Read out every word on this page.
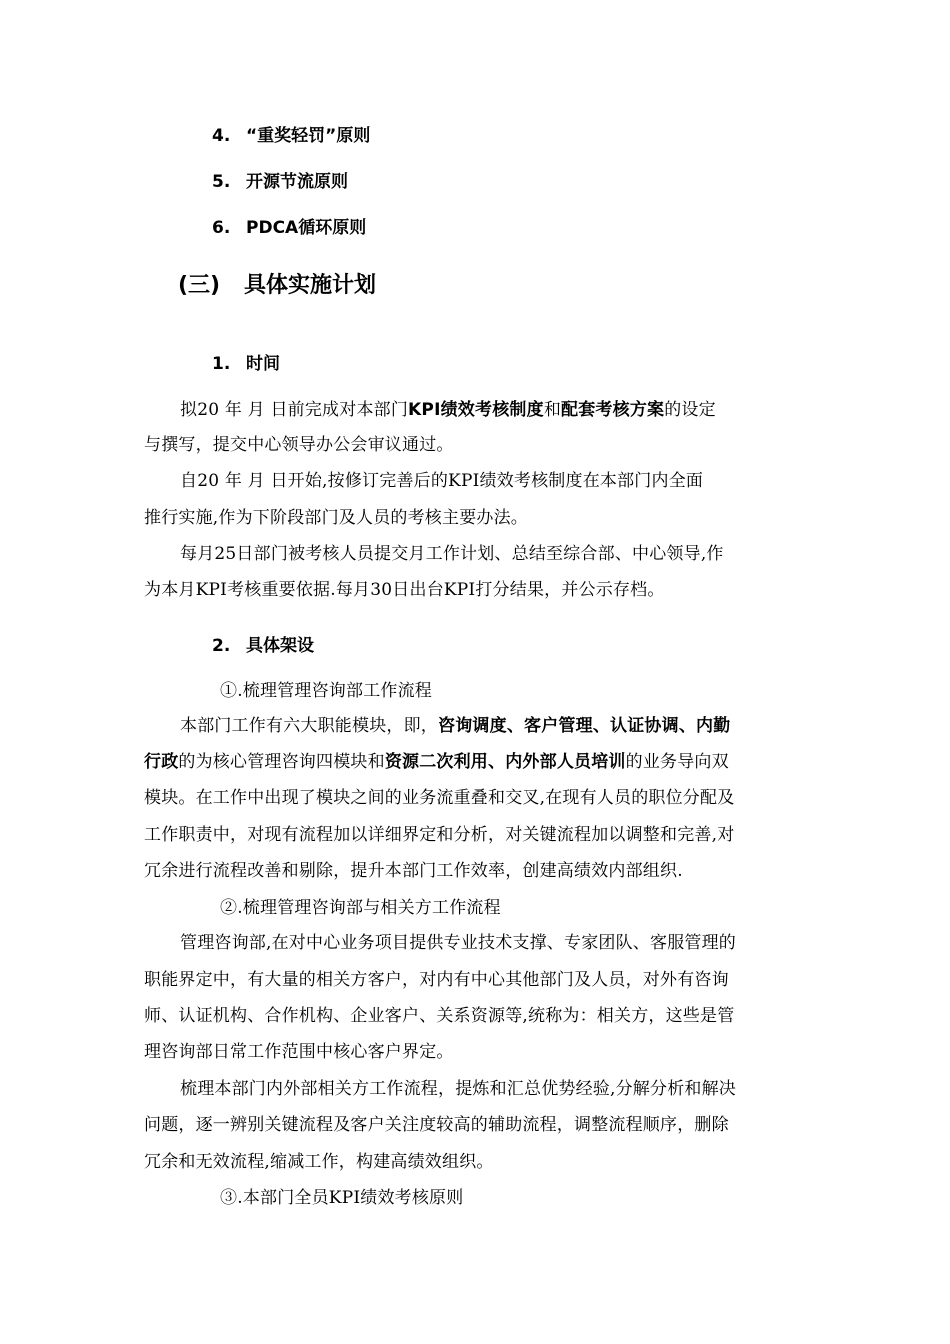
4. “重奖轻罚”原则
5. 开源节流原则
6. PDCA循环原则
(三) 具体实施计划
1. 时间
拟20 年 月 日前完成对本部门KPI绩效考核制度和配套考核方案的设定
与撰写，提交中心领导办公会审议通过。
自20 年 月 日开始,按修订完善后的KPI绩效考核制度在本部门内全面
推行实施,作为下阶段部门及人员的考核主要办法。
每月25日部门被考核人员提交月工作计划、总结至综合部、中心领导,作
为本月KPI考核重要依据.每月30日出台KPI打分结果，并公示存档。
2. 具体架设
①.梳理管理咨询部工作流程
本部门工作有六大职能模块，即，咨询调度、客户管理、认证协调、内勤
行政的为核心管理咨询四模块和资源二次利用、内外部人员培训的业务导向双
模块。在工作中出现了模块之间的业务流重叠和交叉,在现有人员的职位分配及
工作职责中，对现有流程加以详细界定和分析，对关键流程加以调整和完善,对
冗余进行流程改善和剔除，提升本部门工作效率，创建高绩效内部组织.
②.梳理管理咨询部与相关方工作流程
管理咨询部,在对中心业务项目提供专业技术支撑、专家团队、客服管理的
职能界定中，有大量的相关方客户，对内有中心其他部门及人员，对外有咨询
师、认证机构、合作机构、企业客户、关系资源等,统称为：相关方，这些是管
理咨询部日常工作范围中核心客户界定。
梳理本部门内外部相关方工作流程，提炼和汇总优势经验,分解分析和解决
问题，逐一辨别关键流程及客户关注度较高的辅助流程，调整流程顺序，删除
冗余和无效流程,缩减工作，构建高绩效组织。
③.本部门全员KPI绩效考核原则
